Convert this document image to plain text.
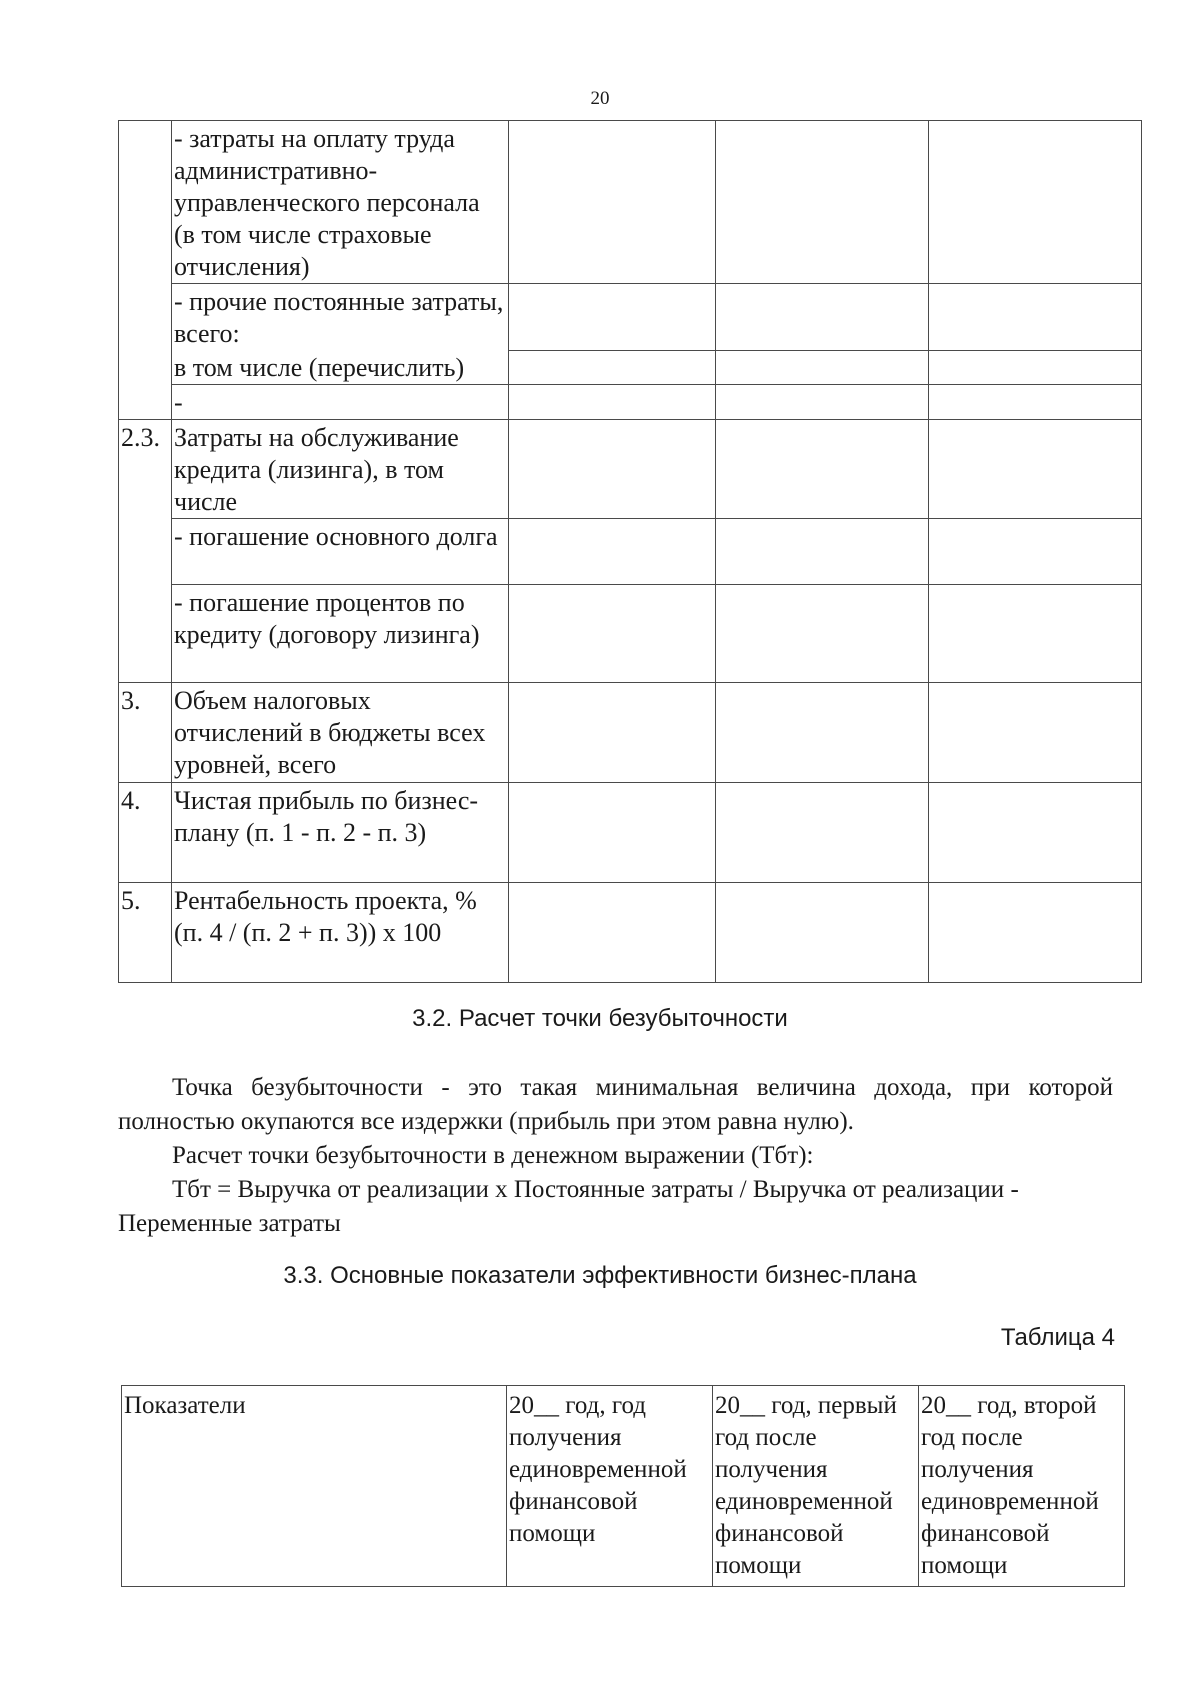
20
	- затраты на оплату труда административно-управленческого персонала (в том числе страховые отчисления)			
	- прочие постоянные затраты, всего:			
	в том числе (перечислить)			
	-			
2.3.	Затраты на обслуживание кредита (лизинга), в том числе			
	- погашение основного долга			
	- погашение процентов по кредиту (договору лизинга)			
3.	Объем налоговых отчислений в бюджеты всех уровней, всего			
4.	Чистая прибыль по бизнес-плану (п. 1 - п. 2 - п. 3)			
5.	Рентабельность проекта, % (п. 4 / (п. 2 + п. 3)) x 100			
3.2. Расчет точки безубыточности
Точка безубыточности - это такая минимальная величина дохода, при которой полностью окупаются все издержки (прибыль при этом равна нулю).
Расчет точки безубыточности в денежном выражении (Тбт):
Тбт = Выручка от реализации x Постоянные затраты / Выручка от реализации - Переменные затраты
3.3. Основные показатели эффективности бизнес-плана
Таблица 4
Показатели	20__ год, год получения единовременной финансовой помощи	20__ год, первый год после получения единовременной финансовой помощи	20__ год, второй год после получения единовременной финансовой помощи
